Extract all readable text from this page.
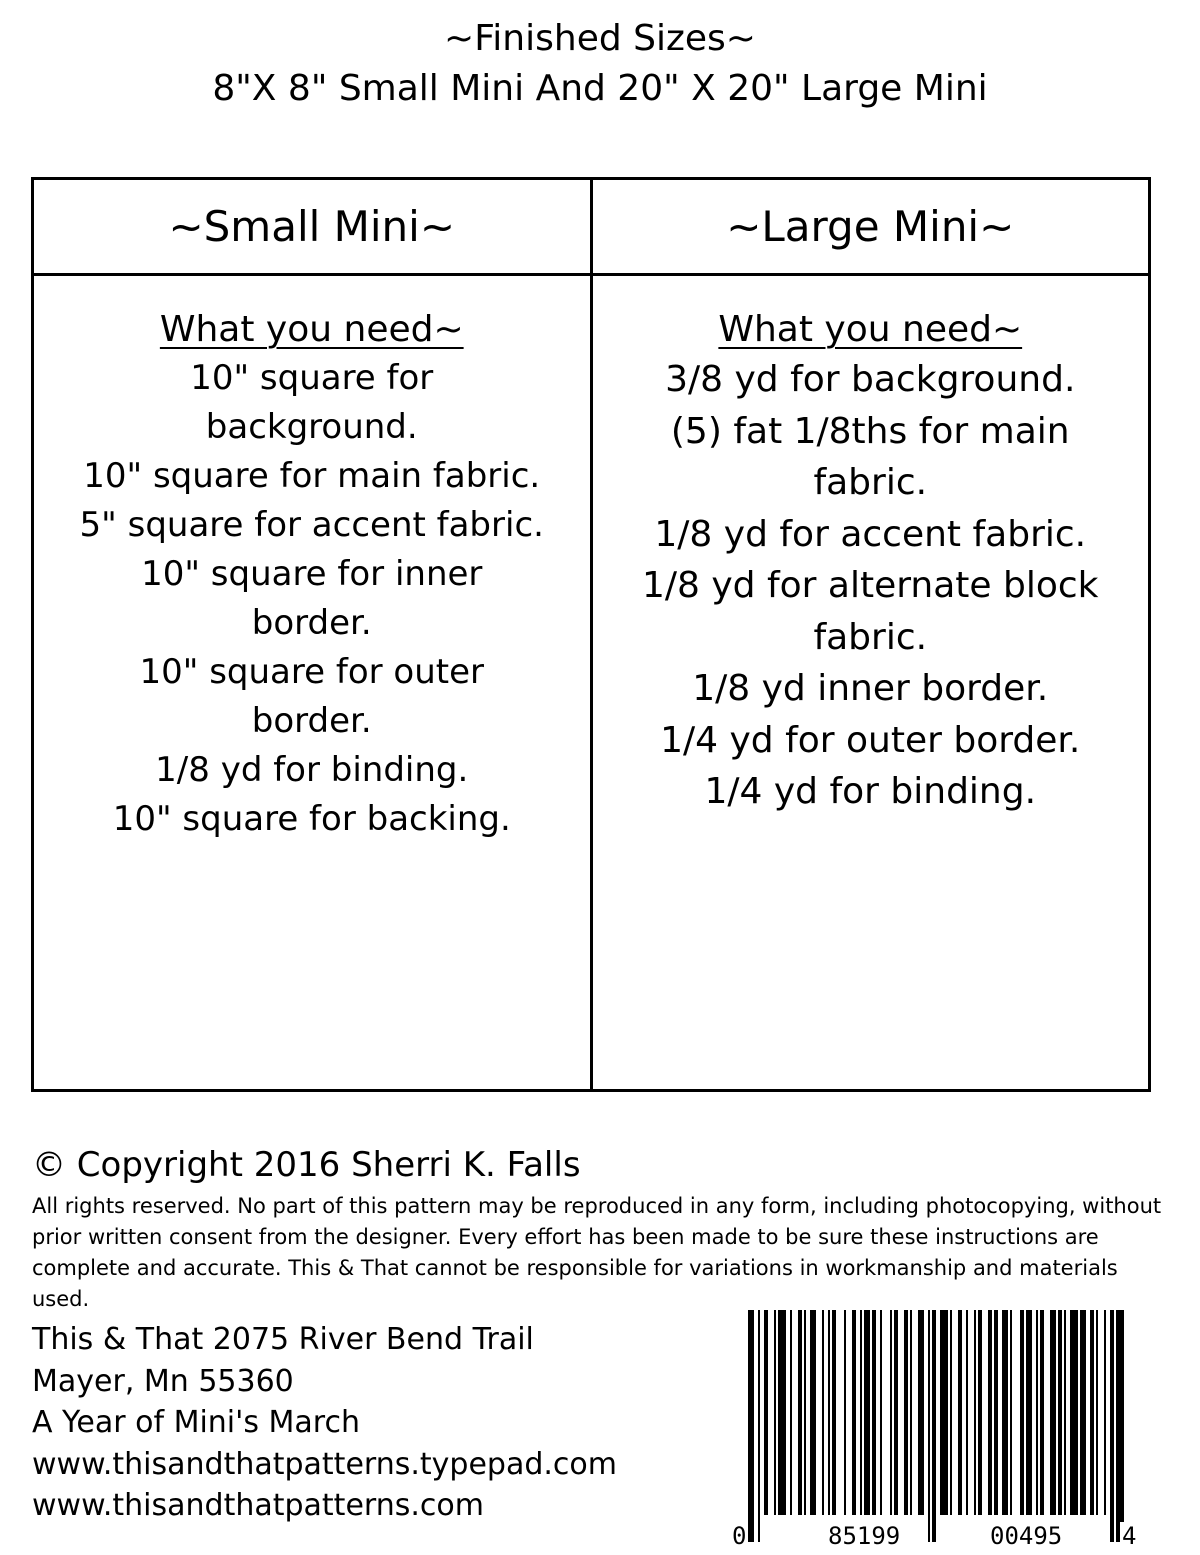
~Finished Sizes~
8"X 8" Small Mini And 20" X 20" Large Mini
~Small Mini~
What you need~
10" square for
background.
10" square for main fabric.
5" square for accent fabric.
10" square for inner
border.
10" square for outer
border.
1/8 yd for binding.
10" square for backing.
~Large Mini~
What you need~
3/8 yd for background.
(5) fat 1/8ths for main fabric.
1/8 yd for accent fabric.
1/8 yd for alternate block
fabric.
1/8 yd inner border.
1/4 yd for outer border.
1/4 yd for binding.
© Copyright 2016 Sherri K. Falls
All rights reserved. No part of this pattern may be reproduced in any form, including photocopying, without prior written consent from the designer. Every effort has been made to be sure these instructions are complete and accurate. This & That cannot be responsible for variations in workmanship and materials used.
This & That 2075 River Bend Trail
Mayer, Mn 55360
A Year of Mini's March
www.thisandthatpatterns.typepad.com
www.thisandthatpatterns.com
0	85199	00495 4
